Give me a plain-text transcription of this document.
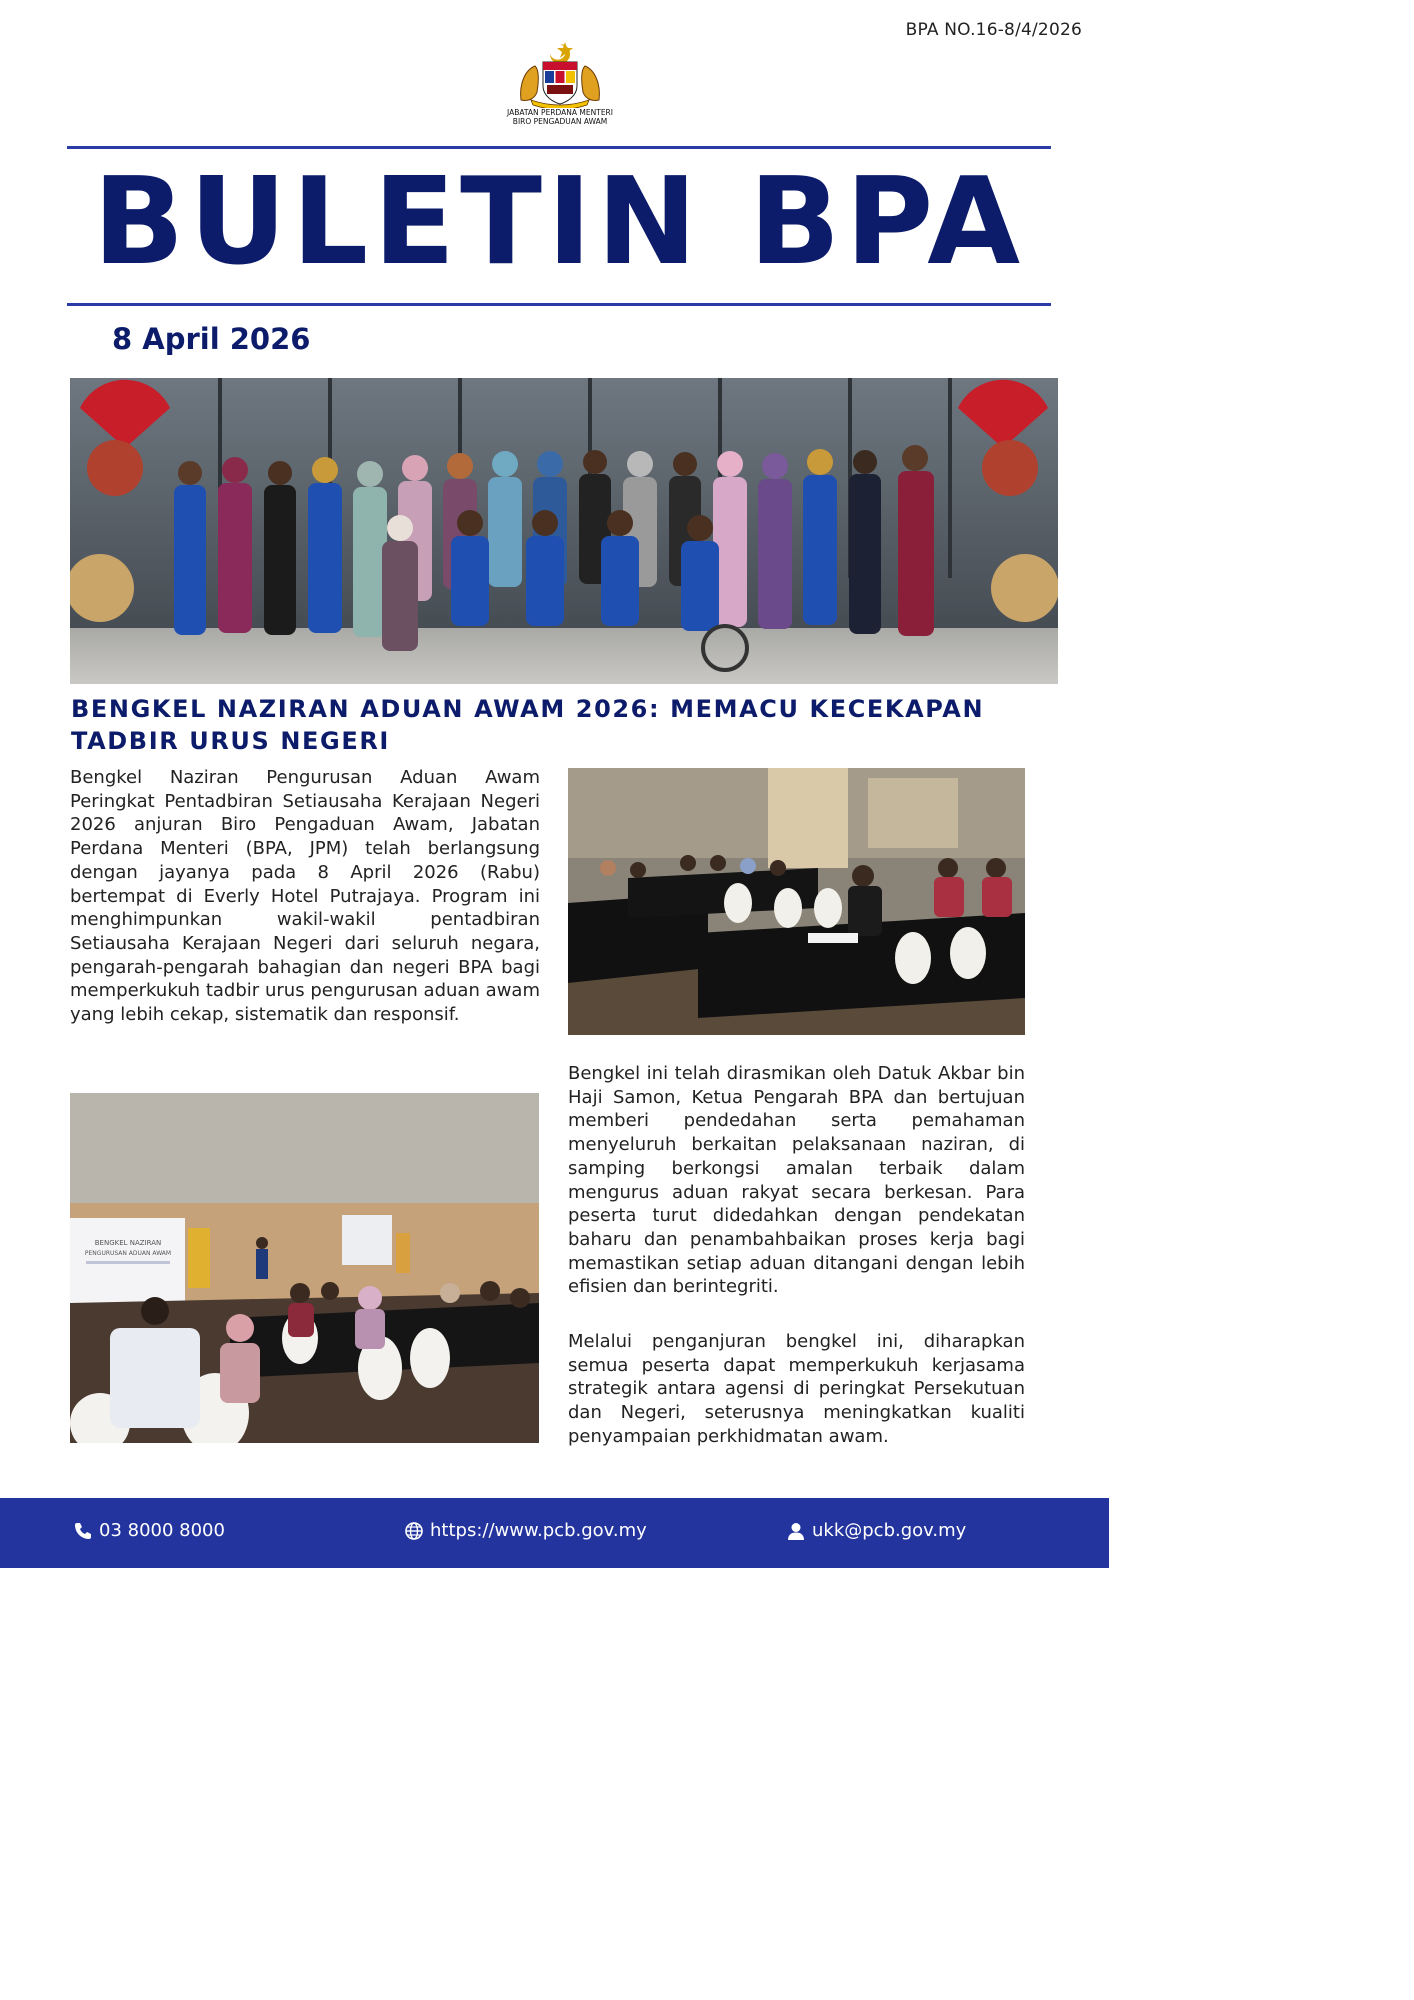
BPA NO.16-8/4/2026
JABATAN PERDANA MENTERI
BIRO PENGADUAN AWAM
BULETIN BPA
8 April 2026
BENGKEL NAZIRAN ADUAN AWAM 2026: MEMACU KECEKAPAN
TADBIR URUS NEGERI

Bengkel Naziran Pengurusan Aduan Awam Peringkat Pentadbiran Setiausaha Kerajaan Negeri 2026 anjuran Biro Pengaduan Awam, Jabatan Perdana Menteri (BPA, JPM) telah berlangsung dengan jayanya pada 8 April 2026 (Rabu) bertempat di Everly Hotel Putrajaya. Program ini menghimpunkan wakil-wakil pentadbiran Setiausaha Kerajaan Negeri dari seluruh negara, pengarah-pengarah bahagian dan negeri BPA bagi memperkukuh tadbir urus pengurusan aduan awam yang lebih cekap, sistematik dan responsif.

Bengkel ini telah dirasmikan oleh Datuk Akbar bin Haji Samon, Ketua Pengarah BPA dan bertujuan memberi pendedahan serta pemahaman menyeluruh berkaitan pelaksanaan naziran, di samping berkongsi amalan terbaik dalam mengurus aduan rakyat secara berkesan. Para peserta turut didedahkan dengan pendekatan baharu dan penambahbaikan proses kerja bagi memastikan setiap aduan ditangani dengan lebih efisien dan berintegriti.

BENGKEL NAZIRAN
PENGURUSAN ADUAN AWAM

Melalui penganjuran bengkel ini, diharapkan semua peserta dapat memperkukuh kerjasama strategik antara agensi di peringkat Persekutuan dan Negeri, seterusnya meningkatkan kualiti penyampaian perkhidmatan awam.

03 8000 8000	https://www.pcb.gov.my	ukk@pcb.gov.my
